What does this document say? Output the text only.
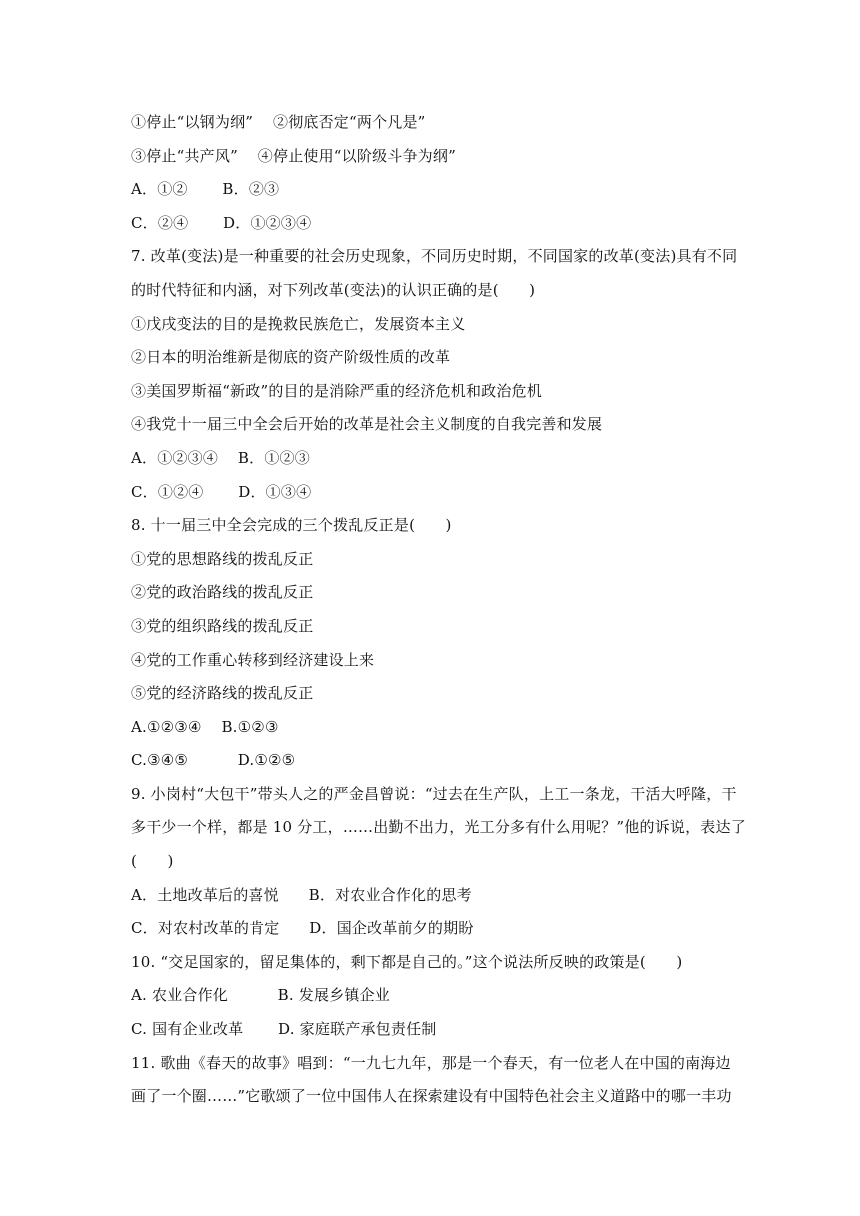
①停止“以钢为纲”    ②彻底否定“两个凡是”
③停止“共产风”    ④停止使用“以阶级斗争为纲”
A．①②       B．②③
C．②④       D．①②③④
7. 改革(变法)是一种重要的社会历史现象，不同历史时期，不同国家的改革(变法)具有不同
的时代特征和内涵，对下列改革(变法)的认识正确的是(　　)
①戊戌变法的目的是挽救民族危亡，发展资本主义
②日本的明治维新是彻底的资产阶级性质的改革
③美国罗斯福“新政”的目的是消除严重的经济危机和政治危机
④我党十一届三中全会后开始的改革是社会主义制度的自我完善和发展
A．①②③④    B．①②③
C．①②④       D．①③④
8. 十一届三中全会完成的三个拨乱反正是(　　)
①党的思想路线的拨乱反正
②党的政治路线的拨乱反正
③党的组织路线的拨乱反正
④党的工作重心转移到经济建设上来
⑤党的经济路线的拨乱反正
A.①②③④    B.①②③
C.③④⑤          D.①②⑤
9. 小岗村“大包干”带头人之的严金昌曾说：“过去在生产队，上工一条龙，干活大呼隆，干
多干少一个样，都是 10 分工，……出勤不出力，光工分多有什么用呢？”他的诉说，表达了
(　　)
A．土地改革后的喜悦      B．对农业合作化的思考
C．对农村改革的肯定      D．国企改革前夕的期盼
10. “交足国家的，留足集体的，剩下都是自己的。”这个说法所反映的政策是(　　)
A. 农业合作化          B. 发展乡镇企业
C. 国有企业改革       D. 家庭联产承包责任制
11. 歌曲《春天的故事》唱到：“一九七九年，那是一个春天，有一位老人在中国的南海边
画了一个圈……”它歌颂了一位中国伟人在探索建设有中国特色社会主义道路中的哪一丰功
